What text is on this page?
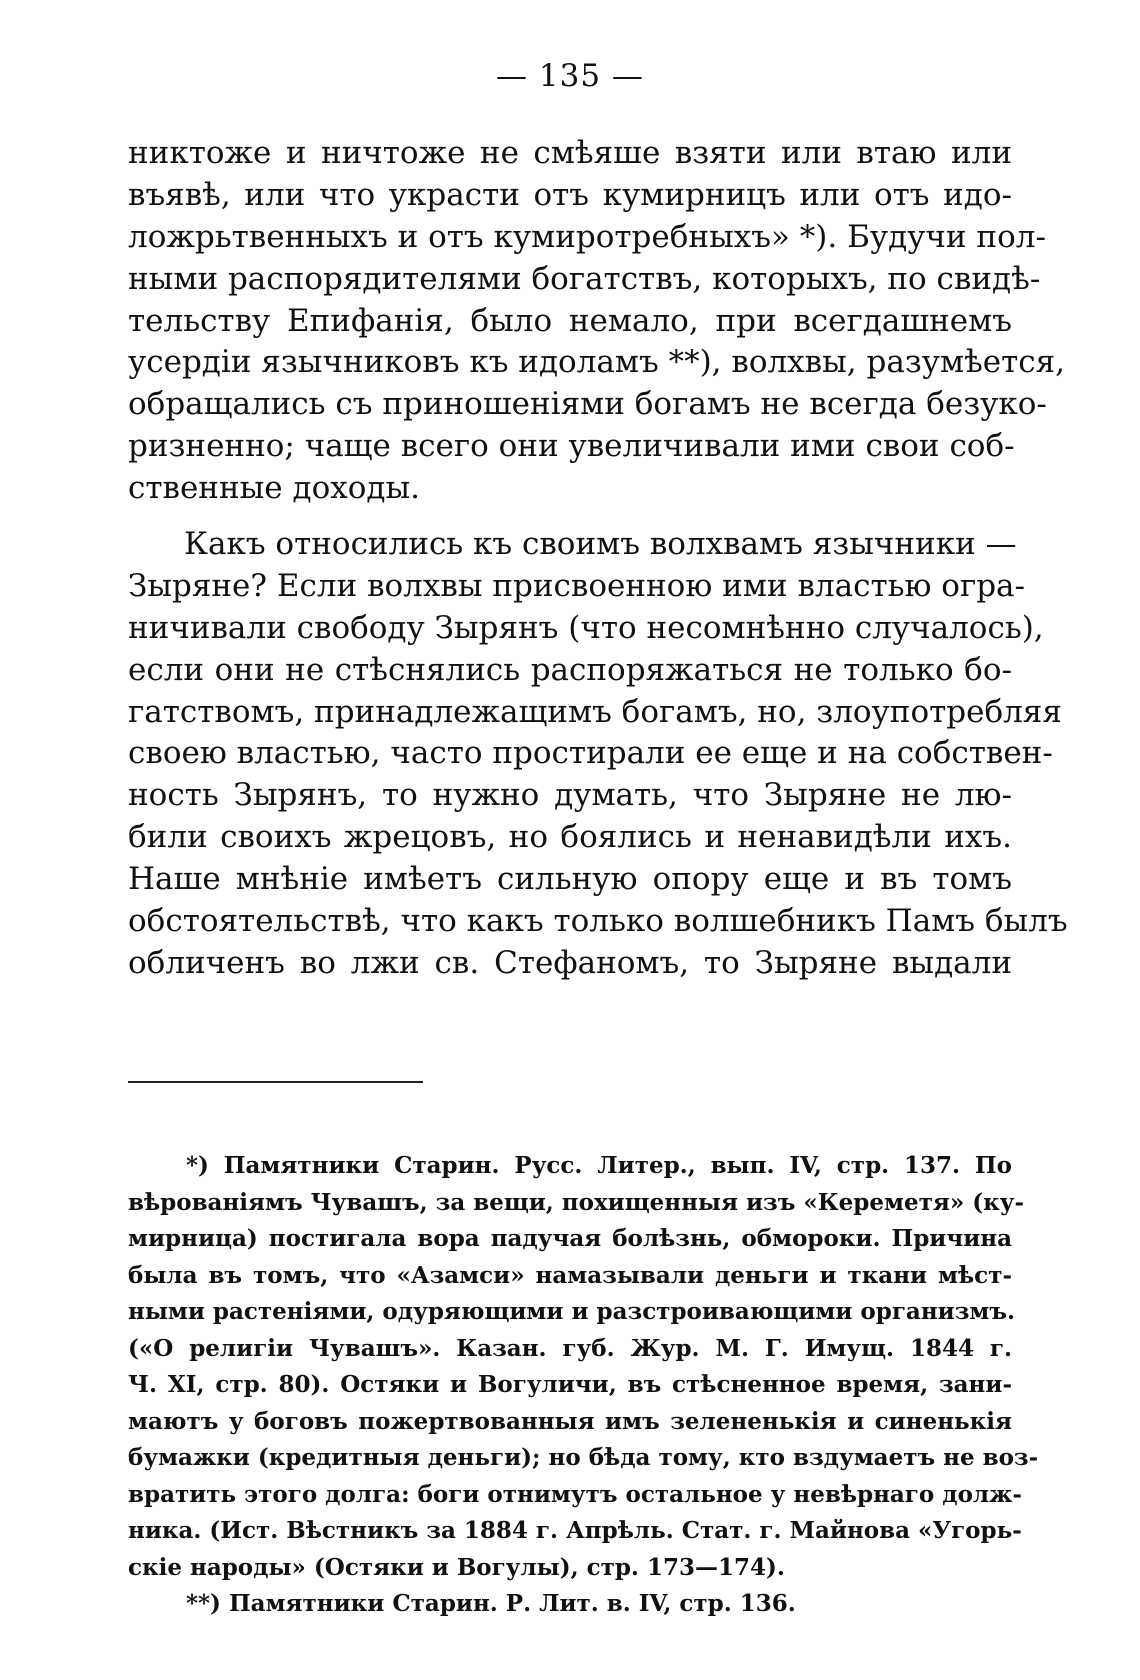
— 135 —
никтоже и ничтоже не смѣяше взяти или втаю или
въявѣ, или что украсти отъ кумирницъ или отъ идо-
ложрьтвенныхъ и отъ кумиротребныхъ» *). Будучи пол-
ными распорядителями богатствъ, которыхъ, по свидѣ-
тельству Епифанія, было немало, при всегдашнемъ
усердіи язычниковъ къ идоламъ **), волхвы, разумѣется,
обращались съ приношеніями богамъ не всегда безуко-
ризненно; чаще всего они увеличивали ими свои соб-
ственные доходы.
Какъ относились къ своимъ волхвамъ язычники —
Зыряне? Если волхвы присвоенною ими властью огра-
ничивали свободу Зырянъ (что несомнѣнно случалось),
если они не стѣснялись распоряжаться не только бо-
гатствомъ, принадлежащимъ богамъ, но, злоупотребляя
своею властью, часто простирали ее еще и на собствен-
ность Зырянъ, то нужно думать, что Зыряне не лю-
били своихъ жрецовъ, но боялись и ненавидѣли ихъ.
Наше мнѣніе имѣетъ сильную опору еще и въ томъ
обстоятельствѣ, что какъ только волшебникъ Памъ былъ
обличенъ во лжи св. Стефаномъ, то Зыряне выдали
*) Памятники Старин. Русс. Литер., вып. IV, стр. 137. По
вѣрованіямъ Чувашъ, за вещи, похищенныя изъ «Кереметя» (ку-
мирница) постигала вора падучая болѣзнь, обмороки. Причина
была въ томъ, что «Азамси» намазывали деньги и ткани мѣст-
ными растеніями, одуряющими и разстроивающими организмъ.
(«О религіи Чувашъ». Казан. губ. Жур. М. Г. Имущ. 1844 г.
Ч. XI, стр. 80). Остяки и Вогуличи, въ стѣсненное время, зани-
маютъ у боговъ пожертвованныя имъ зелененькія и синенькія
бумажки (кредитныя деньги); но бѣда тому, кто вздумаетъ не воз-
вратить этого долга: боги отнимутъ остальное у невѣрнаго долж-
ника. (Ист. Вѣстникъ за 1884 г. Апрѣль. Стат. г. Майнова «Угорь-
скіе народы» (Остяки и Вогулы), стр. 173—174).
**) Памятники Старин. Р. Лит. в. IV, стр. 136.
